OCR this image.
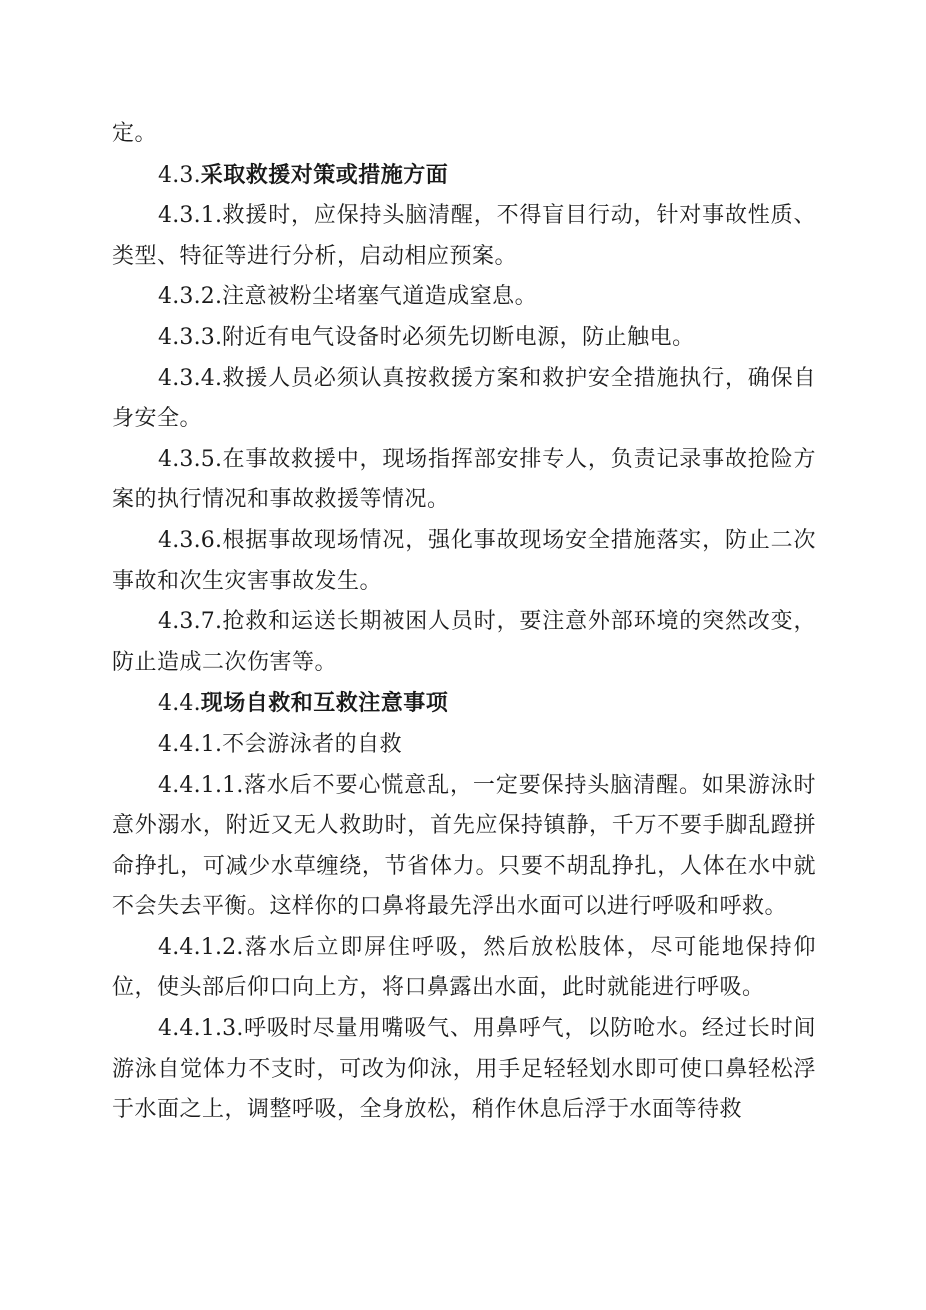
定。

4.3.采取救援对策或措施方面

4.3.1.救援时，应保持头脑清醒，不得盲目行动，针对事故性质、类型、特征等进行分析，启动相应预案。

4.3.2.注意被粉尘堵塞气道造成窒息。

4.3.3.附近有电气设备时必须先切断电源，防止触电。

4.3.4.救援人员必须认真按救援方案和救护安全措施执行，确保自身安全。

4.3.5.在事故救援中，现场指挥部安排专人，负责记录事故抢险方案的执行情况和事故救援等情况。

4.3.6.根据事故现场情况，强化事故现场安全措施落实，防止二次事故和次生灾害事故发生。

4.3.7.抢救和运送长期被困人员时，要注意外部环境的突然改变，防止造成二次伤害等。

4.4.现场自救和互救注意事项

4.4.1.不会游泳者的自救

4.4.1.1.落水后不要心慌意乱，一定要保持头脑清醒。如果游泳时意外溺水，附近又无人救助时，首先应保持镇静，千万不要手脚乱蹬拼命挣扎，可减少水草缠绕，节省体力。只要不胡乱挣扎，人体在水中就不会失去平衡。这样你的口鼻将最先浮出水面可以进行呼吸和呼救。

4.4.1.2.落水后立即屏住呼吸，然后放松肢体，尽可能地保持仰位，使头部后仰口向上方，将口鼻露出水面，此时就能进行呼吸。

4.4.1.3.呼吸时尽量用嘴吸气、用鼻呼气，以防呛水。经过长时间游泳自觉体力不支时，可改为仰泳，用手足轻轻划水即可使口鼻轻松浮于水面之上，调整呼吸，全身放松，稍作休息后浮于水面等待救
